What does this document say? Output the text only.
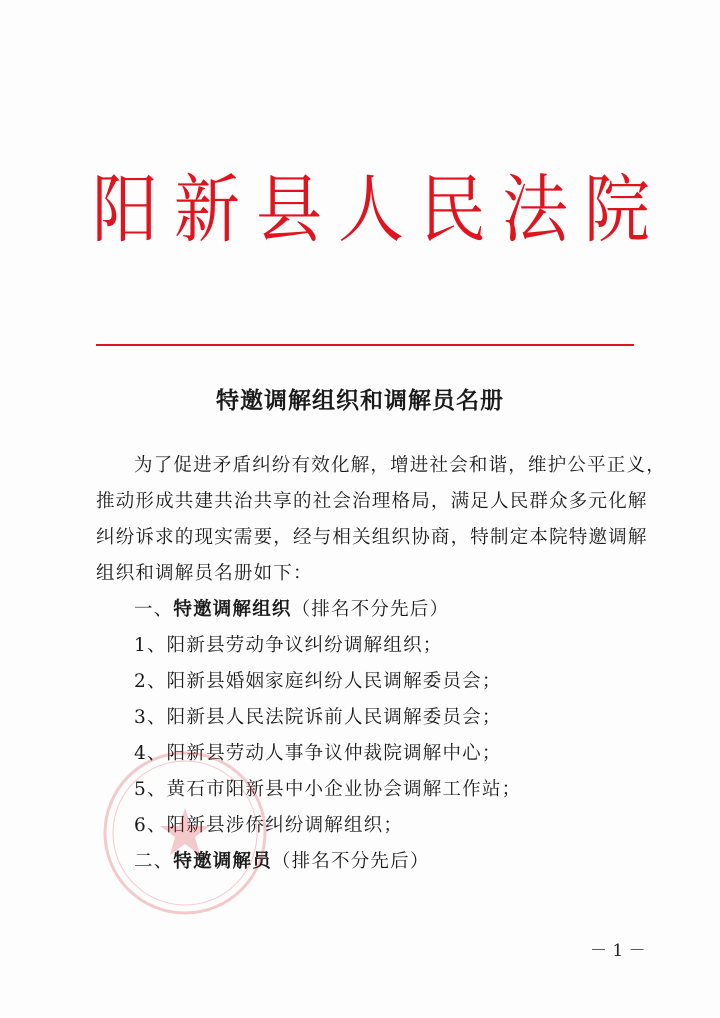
阳新县人民法院
特邀调解组织和调解员名册
为了促进矛盾纠纷有效化解，增进社会和谐，维护公平正义，
推动形成共建共治共享的社会治理格局，满足人民群众多元化解
纠纷诉求的现实需要，经与相关组织协商，特制定本院特邀调解
组织和调解员名册如下：
一、特邀调解组织（排名不分先后）
1、阳新县劳动争议纠纷调解组织；
2、阳新县婚姻家庭纠纷人民调解委员会；
3、阳新县人民法院诉前人民调解委员会；
4、阳新县劳动人事争议仲裁院调解中心；
5、黄石市阳新县中小企业协会调解工作站；
6、阳新县涉侨纠纷调解组织；
二、特邀调解员（排名不分先后）
－ 1 －
